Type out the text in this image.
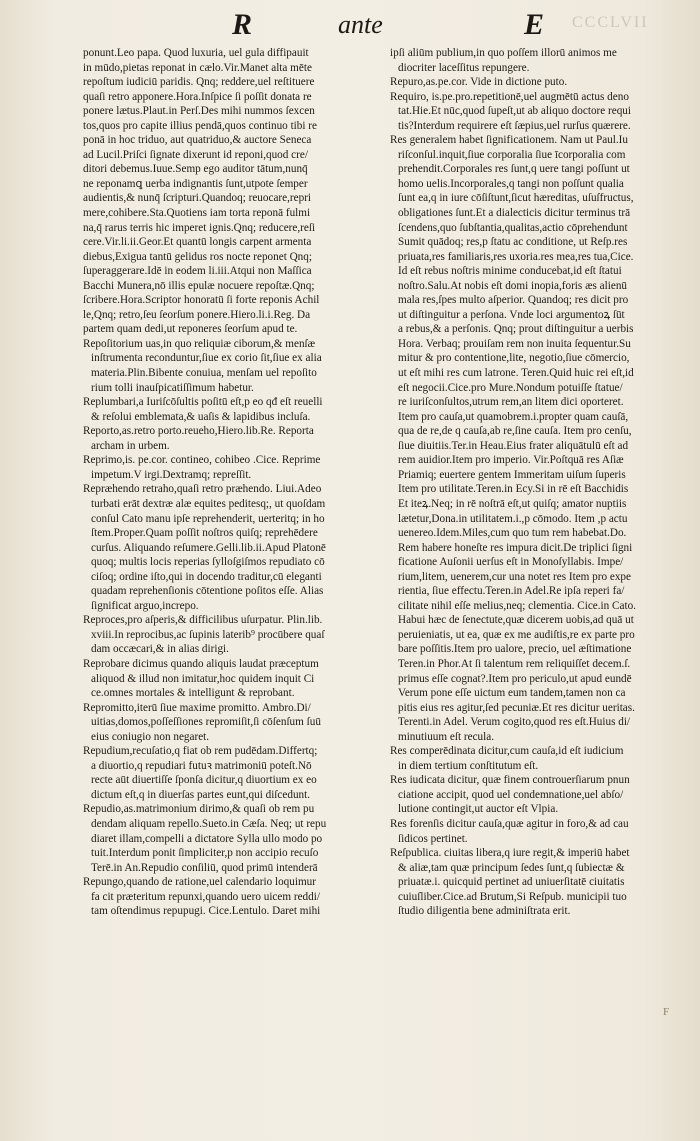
R	ante	E CCCLVII
ponunt.Leo papa. Quod luxuria, uel gula diffipauit
in mūdo,pietas reponat in cælo.Vir.Manet alta mēte
repoſtum iudiciū paridis. Qnq; reddere,uel reſtituere
quaſi retro apponere.Hora.Inſpice ſi poſſit donata re
ponere lætus.Plaut.in Perſ.Des mihi nummos ſexcen
tos,quos pro capite illius pendā,quos continuo tibi re
ponā in hoc triduo, aut quatriduo,& auctore Seneca
ad Lucil.Priſci ſignate dixerunt id reponi,quod cre/
ditori debemus.Iuue.Semp ego auditor tātum,nunq̄
ne reponamꝗ uerba indignantis ſunt,utpote ſemper
audientis,& nunq̄ ſcripturi.Quandoq; reuocare,repri
mere,cohibere.Sta.Quotiens iam torta reponā fulmi
na,q̄ rarus terris hic imperet ignis.Qnq; reducere,reſi
cere.Vir.li.ii.Geor.Et quantū longis carpent armenta
diebus,Exigua tantū gelidus ros nocte reponet Qnq;
ſuperaggerare.Idē in eodem li.iii.Atqui non Maſſica
Bacchi Munera,nō illis epulæ nocuere repoſtæ.Qnq;
ſcribere.Hora.Scriptor honoratū ſi forte reponis Achil
le,Qnq; retro,ſeu ſeorſum ponere.Hiero.li.i.Reg. Da
partem quam dedi,ut reponeres ſeorſum apud te.
Repoſitorium uas,in quo reliquiæ ciborum,& menſæ
inſtrumenta reconduntur,ſiue ex corio ſit,ſiue ex alia
materia.Plin.Bibente conuiua, menſam uel repoſito
rium tolli inauſpicatiſſimum habetur.
Replumbari,a Iuriſcōſultis poſitū eſt,p eo qđ eſt reuelli
& reſolui emblemata,& uaſis & lapidibus incluſa.
Reporto,as.retro porto.reueho,Hiero.lib.Re. Reporta
archam in urbem.
Reprimo,is. pe.cor. contineo, cohibeo .Cice. Reprime
impetum.V irgi.Dextramq; repreſſit.
Repræhendo retraho,quaſi retro præhendo. Liui.Adeo
turbati erāt dextræ alæ equites peditesq;, ut quoſdam
conſul Cato manu ipſe reprehenderit, uerteritq; in ho
ſtem.Proper.Quam poſſit noſtros quiſq; reprehēdere
curſus. Aliquando reſumere.Gelli.lib.ii.Apud Platonē
quoq; multis locis reperias ſylloſgiſmos repudiato cō
ciſoq; ordine iſto,qui in docendo traditur,cū eleganti
quadam reprehenſionis cōtentione poſitos eſſe. Alias
ſignificat arguo,increpo.
Reproces,pro aſperis,& difficilibus uſurpatur. Plin.lib.
xviii.In reprocibus,ac ſupinis laterib⁹ procūbere quaſ
dam occæcari,& in alias dirigi.
Reprobare dicimus quando aliquis laudat præceptum
aliquod & illud non imitatur,hoc quidem inquit Ci
ce.omnes mortales & intelligunt & reprobant.
Repromitto,iterū ſiue maxime promitto. Ambro.Di/
uitias,domos,poſſeſſiones repromiſit,ſi cōſenſum ſuū
eius coniugio non negaret.
Repudium,recuſatio,q fiat ob rem pudēdam.Differtq;
a diuortio,q repudiari futuꝛ matrimoniū poteſt.Nō
recte aūt diuertiſſe ſponſa dicitur,q diuortium ex eo
dictum eſt,q in diuerſas partes eunt,qui diſcedunt.
Repudio,as.matrimonium dirimo,& quaſi ob rem pu
dendam aliquam repello.Sueto.in Cæſa. Neq; ut repu
diaret illam,compelli a dictatore Sylla ullo modo po
tuit.Interdum ponit ſimpliciter,p non accipio recuſo
Terē.in An.Repudio conſiliū, quod primū intenderā
Repungo,quando de ratione,uel calendario loquimur
fa cit præteritum repunxi,quando uero uicem reddi/
tam oſtendimus repupugi. Cice.Lentulo. Daret mihi
ipſi aliūm publium,in quo poſſem illorū animos me
diocriter laceſſitus repungere.
Repuro,as.pe.cor. Vide in dictione puto.
Requiro, is.pe.pro.repetitionē,uel augmētū actus deno
tat.Hie.Et nūc,quod ſupeſt,ut ab aliquo doctore requi
tis?Interdum requirere eſt ſæpius,uel rurſus quærere.
Res generalem habet ſignificationem. Nam ut Paul.Iu
riſconſul.inquit,ſiue corporalia ſiue īcorporalia com
prehendit.Corporales res ſunt,q uere tangi poſſunt ut
homo uelis.Incorporales,q tangi non poſſunt qualia
ſunt ea,q in iure cōſiſtunt,ſicut hæreditas, uſuſfructus,
obligationes ſunt.Et a dialecticis dicitur terminus trā
ſcendens,quo ſubſtantia,qualitas,actio cōprehendunt
Sumit quādoq; res,p ſtatu ac conditione, ut Reſp.res
priuata,res familiaris,res uxoria.res mea,res tua,Cice.
Id eſt rebus noſtris minime conducebat,id eſt ſtatui
noſtro.Salu.At nobis eſt domi inopia,foris æs alienū
mala res,ſpes multo aſperior. Quandoq; res dicit pro
ut diſtinguitur a perſona. Vnde loci argumentoꝝ ſūt
a rebus,& a perſonis. Qnq; prout diſtinguitur a uerbis
Hora. Verbaq; prouiſam rem non inuita ſequentur.Su
mitur & pro contentione,lite, negotio,ſiue cōmercio,
ut eſt mihi res cum latrone. Teren.Quid huic rei eſt,id
eſt negocii.Cice.pro Mure.Nondum potuiſſe ſtatue/
re iuriſconſultos,utrum rem,an litem dici oporteret.
Item pro cauſa,ut quamobrem.i.propter quam cauſā,
qua de re,de q cauſa,ab re,ſine cauſa. Item pro cenſu,
ſiue diuitiis.Ter.in Heau.Eius frater aliquātulū eſt ad
rem auidior.Item pro imperio. Vir.Poſtquā res Aſiæ
Priamiq; euertere gentem Immeritam uiſum ſuperis
Item pro utilitate.Teren.in Ecy.Si in rē eſt Bacchidis
Et iteꝝ.Neq; in rē noſtrā eſt,ut quiſq; amator nuptiis
lætetur,Dona.in utilitatem.i.,p cōmodo. Item ,p actu
uenereo.Idem.Miles,cum quo tum rem habebat.Do.
Rem habere honeſte res impura dicit.De triplici ſigni
ficatione Auſonii uerſus eſt in Monoſyllabis. Impe/
rium,litem, uenerem,cur una notet res Item pro expe
rientia, ſiue effectu.Teren.in Adel.Re ipſa reperi fa/
cilitate nihil eſſe melius,neq; clementia. Cice.in Cato.
Habui hæc de ſenectute,quæ dicerem uobis,ad quā ut
peruieniatis, ut ea, quæ ex me audiſtis,re ex parte pro
bare poſſitis.Item pro ualore, precio, uel æſtimatione
Teren.in Phor.At ſi talentum rem reliquiſſet decem.ſ.
primus eſſe cognat?.Item pro periculo,ut apud eundē
Verum pone eſſe uictum eum tandem,tamen non ca
pitis eius res agitur,ſed pecuniæ.Et res dicitur ueritas.
Terenti.in Adel. Verum cogito,quod res eſt.Huius di/
minutiuum eſt recula.
Res comperēdinata dicitur,cum cauſa,id eſt iudicium
in diem tertium conſtitutum eſt.
Res iudicata dicitur, quæ finem controuerſiarum pnun
ciatione accipit, quod uel condemnatione,uel abſo/
lutione contingit,ut auctor eſt Vlpia.
Res forenſis dicitur cauſa,quæ agitur in foro,& ad cau
ſidicos pertinet.
Reſpublica. ciuitas libera,q iure regit,& imperiū habet
& aliæ,tam quæ principum ſedes ſunt,q ſubiectæ &
priuatæ.i. quicquid pertinet ad uniuerſitatē ciuitatis
cuiuſliber.Cice.ad Brutum,Si Reſpub. municipii tuo
ſtudio diligentia bene adminiſtrata erit.
F
